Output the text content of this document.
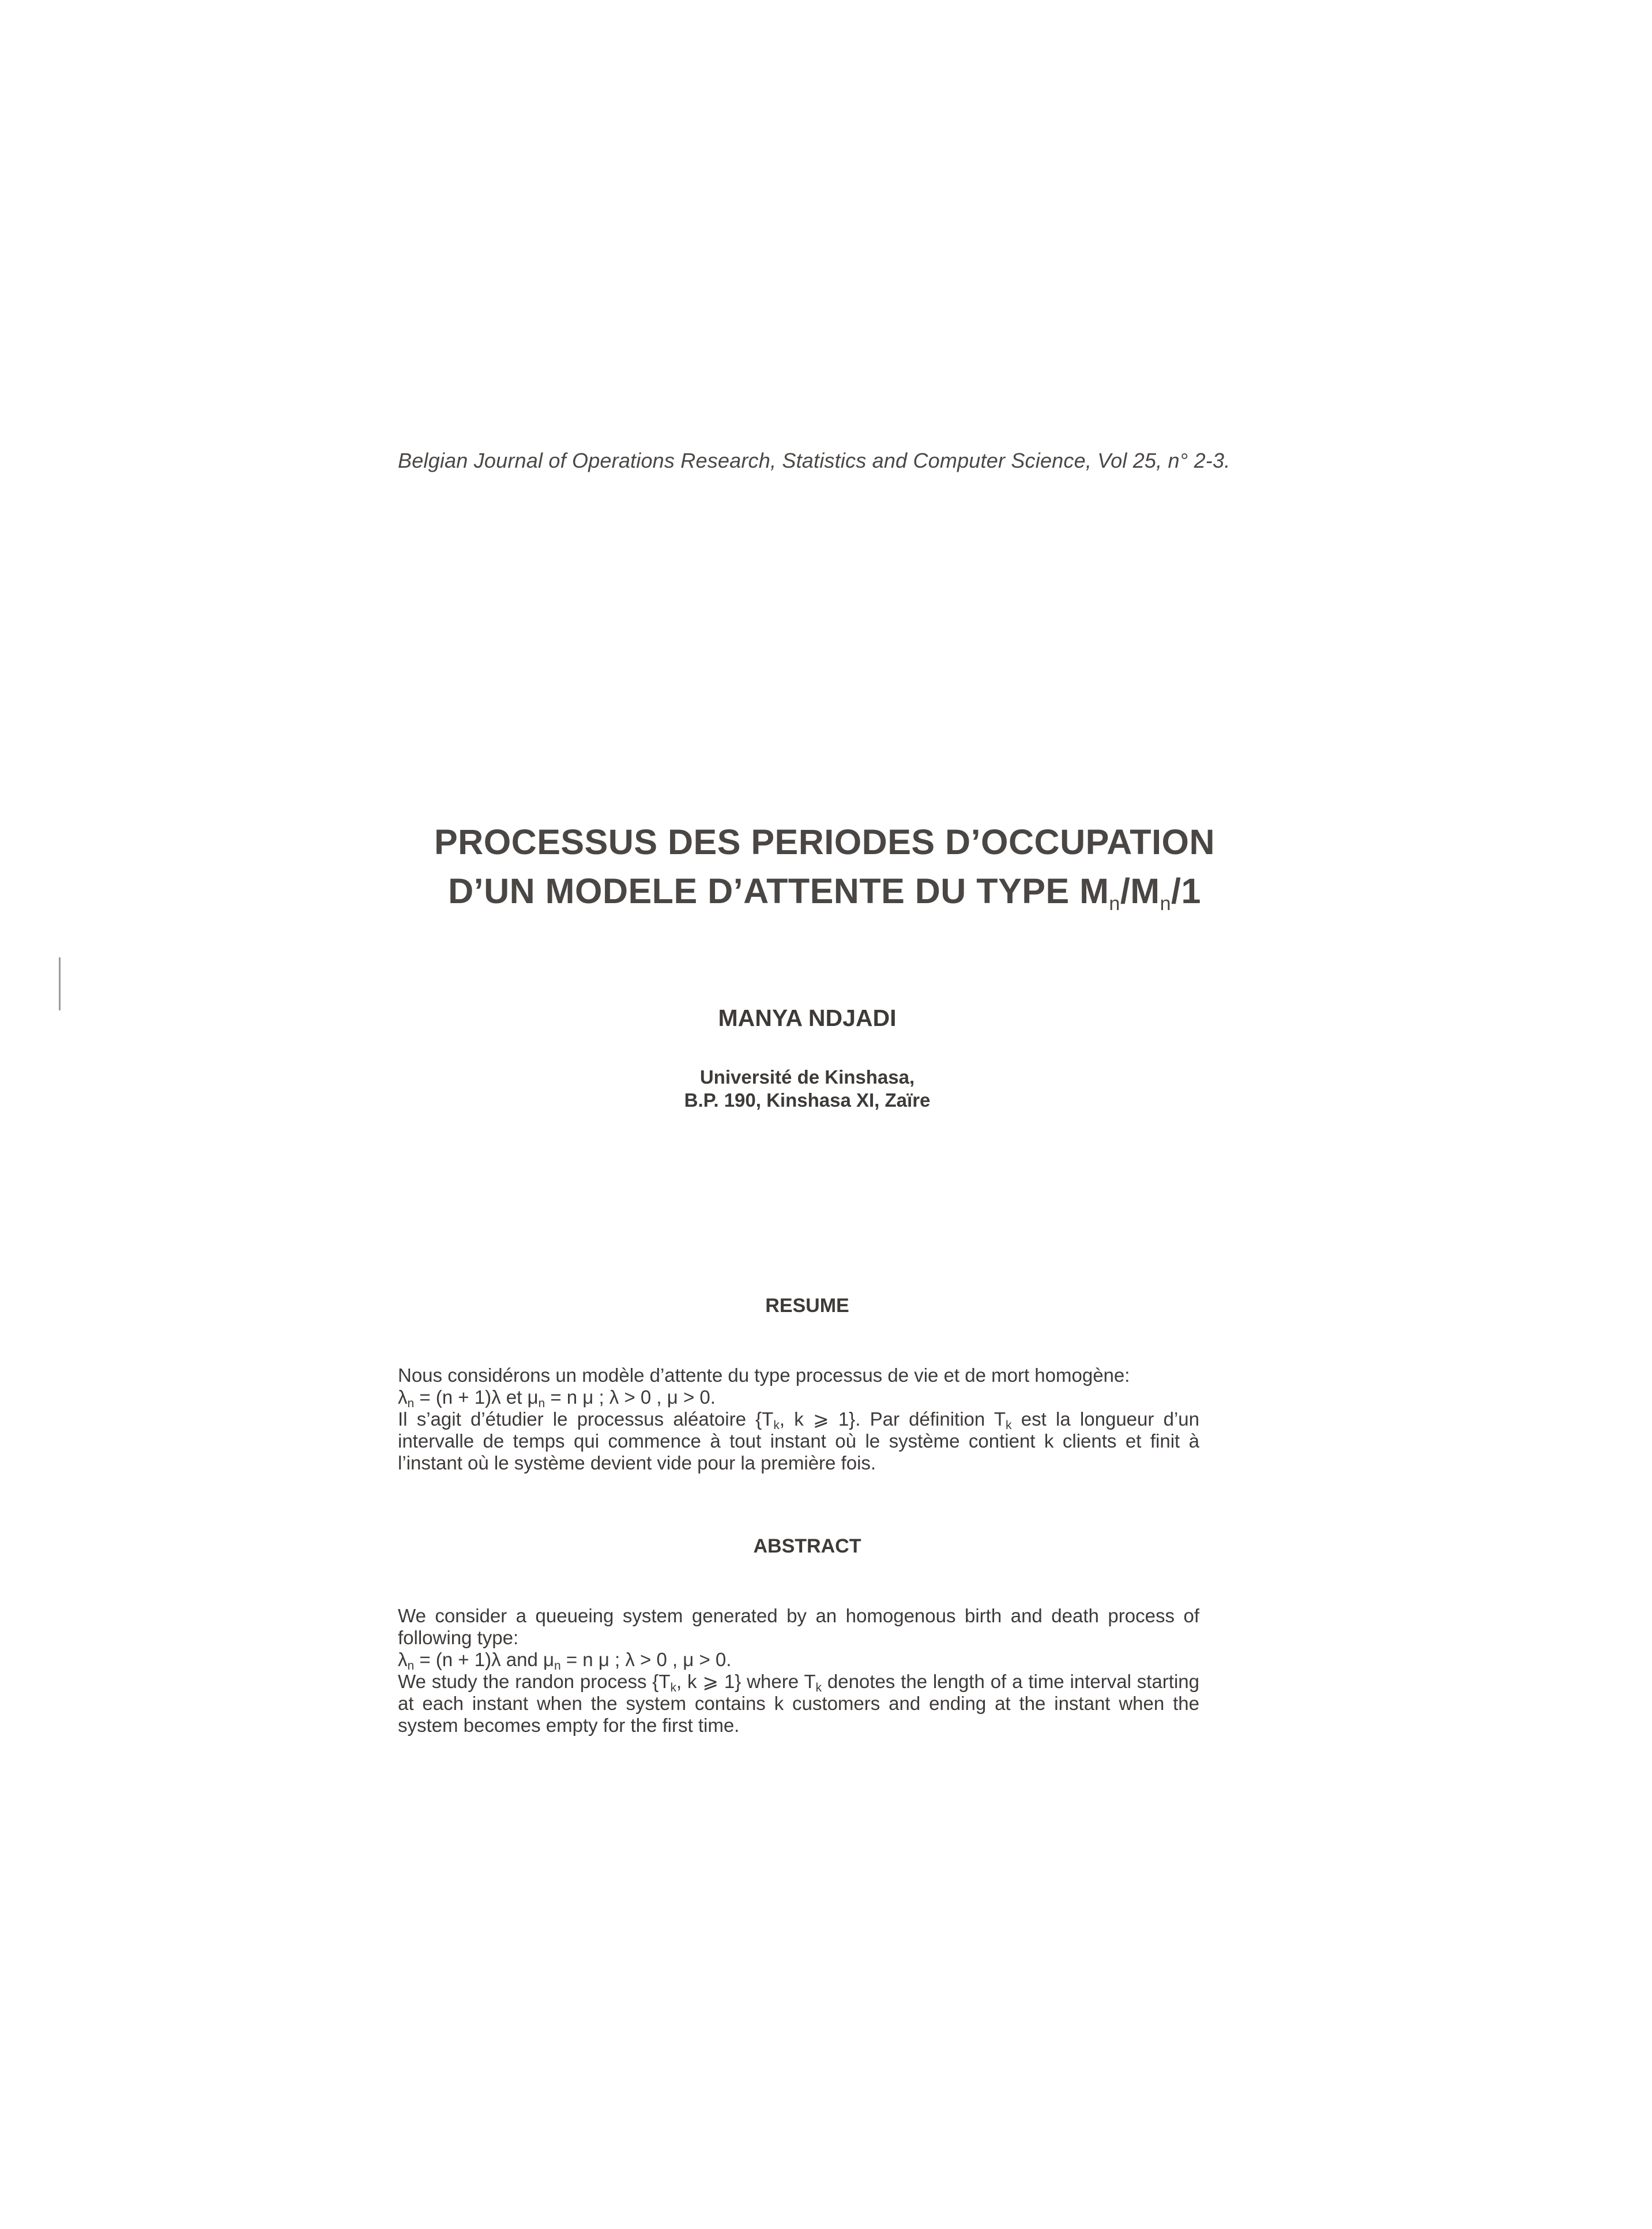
Belgian Journal of Operations Research, Statistics and Computer Science, Vol 25, n° 2-3.
PROCESSUS DES PERIODES D’OCCUPATION
D’UN MODELE D’ATTENTE DU TYPE $M_n/M_n/1$
MANYA NDJADI
Université de Kinshasa,
B.P. 190, Kinshasa XI, Zaïre
RESUME
Nous considérons un modèle d’attente du type processus de vie et de mort homogène:
$\lambda_n = (n + 1)\lambda$ et $\mu_n = n$ μ ; λ > 0 , μ > 0.
Il s’agit d’étudier le processus aléatoire {$T_k$, k ⩾ 1}. Par définition $T_k$ est la longueur d’un intervalle de temps qui commence à tout instant où le système contient k clients et finit à l’instant où le système devient vide pour la première fois.
ABSTRACT
We consider a queueing system generated by an homogenous birth and death process of following type:
$\lambda_n = (n + 1)\lambda$ and $\mu_n = n$ μ ; λ > 0 , μ > 0.
We study the randon process {$T_k$, k ⩾ 1} where $T_k$ denotes the length of a time interval starting at each instant when the system contains k customers and ending at the instant when the system becomes empty for the first time.
